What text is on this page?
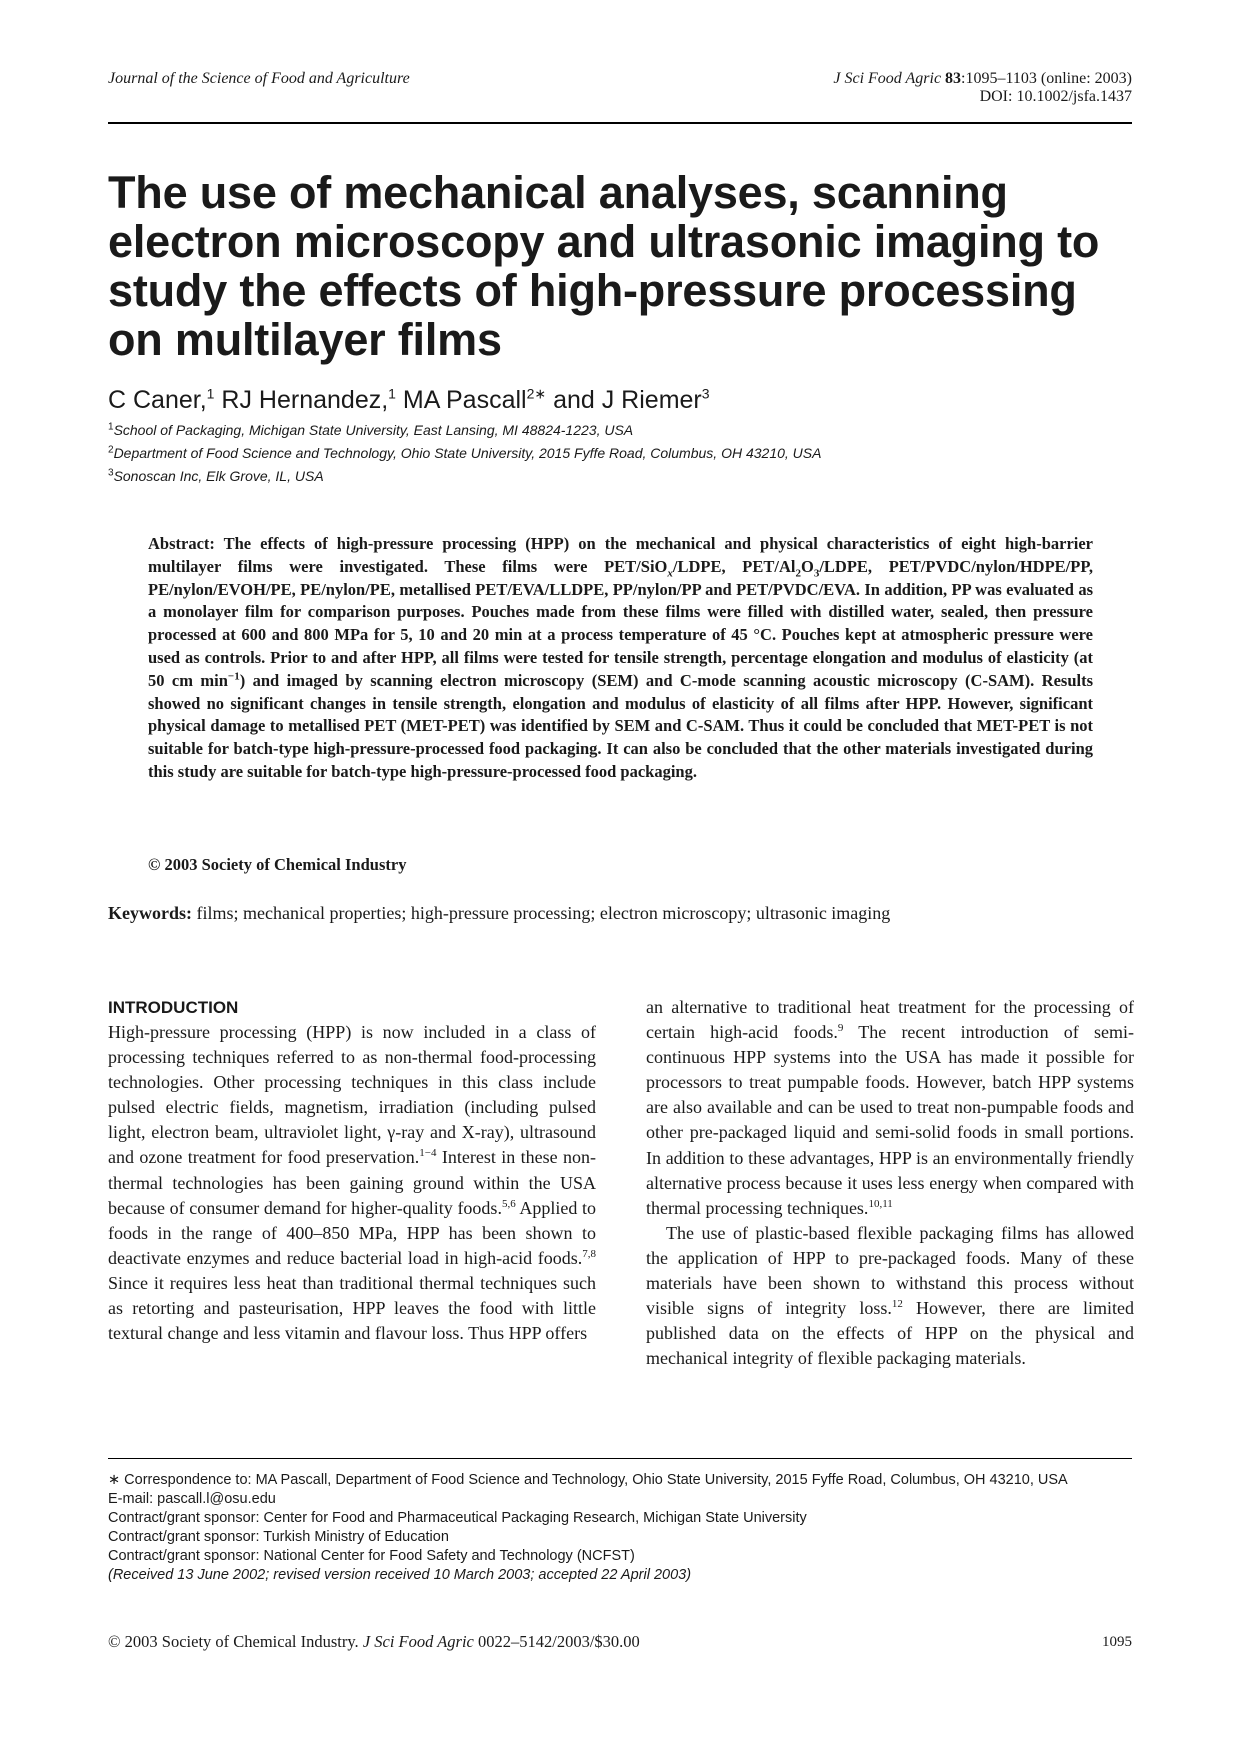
Journal of the Science of Food and Agriculture	J Sci Food Agric 83:1095–1103 (online: 2003)
DOI: 10.1002/jsfa.1437
The use of mechanical analyses, scanning electron microscopy and ultrasonic imaging to study the effects of high-pressure processing on multilayer films
C Caner,$^1$ RJ Hernandez,$^1$ MA Pascall$^{2∗}$ and J Riemer$^3$
$^1$School of Packaging, Michigan State University, East Lansing, MI 48824-1223, USA
$^2$Department of Food Science and Technology, Ohio State University, 2015 Fyffe Road, Columbus, OH 43210, USA
$^3$Sonoscan Inc, Elk Grove, IL, USA

Abstract: The effects of high-pressure processing (HPP) on the mechanical and physical characteristics of eight high-barrier multilayer films were investigated. These films were PET/SiO$_x$/LDPE, PET/$Al_2O_3$/LDPE, PET/PVDC/nylon/HDPE/PP, PE/nylon/EVOH/PE, PE/nylon/PE, metallised PET/EVA/LLDPE, PP/nylon/PP and PET/PVDC/EVA. In addition, PP was evaluated as a monolayer film for comparison purposes. Pouches made from these films were filled with distilled water, sealed, then pressure processed at 600 and 800 MPa for 5, 10 and 20 min at a process temperature of 45 °C. Pouches kept at atmospheric pressure were used as controls. Prior to and after HPP, all films were tested for tensile strength, percentage elongation and modulus of elasticity (at 50 cm $\min^{-1}$) and imaged by scanning electron microscopy (SEM) and C-mode scanning acoustic microscopy (C-SAM). Results showed no significant changes in tensile strength, elongation and modulus of elasticity of all films after HPP. However, significant physical damage to metallised PET (MET-PET) was identified by SEM and C-SAM. Thus it could be concluded that MET-PET is not suitable for batch-type high-pressure-processed food packaging. It can also be concluded that the other materials investigated during this study are suitable for batch-type high-pressure-processed food packaging.

© 2003 Society of Chemical Industry
Keywords: films; mechanical properties; high-pressure processing; electron microscopy; ultrasonic imaging
INTRODUCTION

High-pressure processing (HPP) is now included in a class of processing techniques referred to as non-thermal food-processing technologies. Other processing techniques in this class include pulsed electric fields, magnetism, irradiation (including pulsed light, electron beam, ultraviolet light, γ-ray and X-ray), ultrasound and ozone treatment for food preservation.$^{1-4}$ Interest in these non-thermal technologies has been gaining ground within the USA because of consumer demand for higher-quality foods.$^{5,6}$ Applied to foods in the range of 400–850 MPa, HPP has been shown to deactivate enzymes and reduce bacterial load in high-acid foods.$^{7,8}$ Since it requires less heat than traditional thermal techniques such as retorting and pasteurisation, HPP leaves the food with little textural change and less vitamin and flavour loss. Thus HPP offers

an alternative to traditional heat treatment for the processing of certain high-acid foods.$^9$ The recent introduction of semi-continuous HPP systems into the USA has made it possible for processors to treat pumpable foods. However, batch HPP systems are also available and can be used to treat non-pumpable foods and other pre-packaged liquid and semi-solid foods in small portions. In addition to these advantages, HPP is an environmentally friendly alternative process because it uses less energy when compared with thermal processing techniques.$^{10,11}$

The use of plastic-based flexible packaging films has allowed the application of HPP to pre-packaged foods. Many of these materials have been shown to withstand this process without visible signs of integrity loss.$^{12}$ However, there are limited published data on the effects of HPP on the physical and mechanical integrity of flexible packaging materials.

∗ Correspondence to: MA Pascall, Department of Food Science and Technology, Ohio State University, 2015 Fyffe Road, Columbus, OH 43210, USA
E-mail: pascall.l@osu.edu
Contract/grant sponsor: Center for Food and Pharmaceutical Packaging Research, Michigan State University
Contract/grant sponsor: Turkish Ministry of Education
Contract/grant sponsor: National Center for Food Safety and Technology (NCFST)
(Received 13 June 2002; revised version received 10 March 2003; accepted 22 April 2003)
© 2003 Society of Chemical Industry. J Sci Food Agric 0022–5142/2003/$30.00	1095
